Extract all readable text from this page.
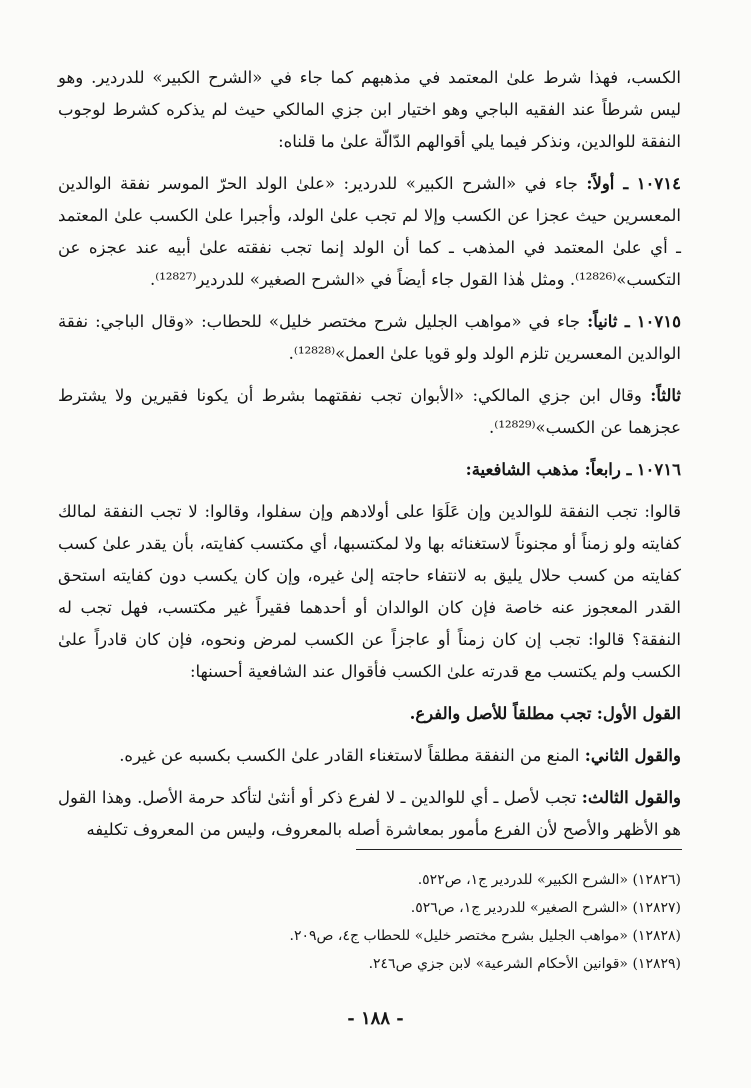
الكسب، فهذا شرط علىٰ المعتمد في مذهبهم كما جاء في «الشرح الكبير» للدردير. وهو ليس شرطاً عند الفقيه الباجي وهو اختيار ابن جزي المالكي حيث لم يذكره كشرط لوجوب النفقة للوالدين، ونذكر فيما يلي أقوالهم الدّالّة علىٰ ما قلناه:

١٠٧١٤ ـ أولاً: جاء في «الشرح الكبير» للدردير: «علىٰ الولد الحرّ الموسر نفقة الوالدين المعسرين حيث عجزا عن الكسب وإلا لم تجب علىٰ الولد، وأجبرا علىٰ الكسب علىٰ المعتمد ـ أي علىٰ المعتمد في المذهب ـ كما أن الولد إنما تجب نفقته علىٰ أبيه عند عجزه عن التكسب»⁽¹²⁸²⁶⁾. ومثل هٰذا القول جاء أيضاً في «الشرح الصغير» للدردير⁽¹²⁸²⁷⁾.

١٠٧١٥ ـ ثانياً: جاء في «مواهب الجليل شرح مختصر خليل» للحطاب: «وقال الباجي: نفقة الوالدين المعسرين تلزم الولد ولو قويا علىٰ العمل»⁽¹²⁸²⁸⁾.

ثالثاً: وقال ابن جزي المالكي: «الأبوان تجب نفقتهما بشرط أن يكونا فقيرين ولا يشترط عجزهما عن الكسب»⁽¹²⁸²⁹⁾.

١٠٧١٦ ـ رابعاً: مذهب الشافعية:

قالوا: تجب النفقة للوالدين وإن عَلَوَا على أولادهم وإن سفلوا، وقالوا: لا تجب النفقة لمالك كفايته ولو زمناً أو مجنوناً لاستغنائه بها ولا لمكتسبها، أي مكتسب كفايته، بأن يقدر علىٰ كسب كفايته من كسب حلال يليق به لانتفاء حاجته إلىٰ غيره، وإن كان يكسب دون كفايته استحق القدر المعجوز عنه خاصة فإن كان الوالدان أو أحدهما فقيراً غير مكتسب، فهل تجب له النفقة؟ قالوا: تجب إن كان زمناً أو عاجزاً عن الكسب لمرض ونحوه، فإن كان قادراً علىٰ الكسب ولم يكتسب مع قدرته علىٰ الكسب فأقوال عند الشافعية أحسنها:

القول الأول: تجب مطلقاً للأصل والفرع.

والقول الثاني: المنع من النفقة مطلقاً لاستغناء القادر علىٰ الكسب بكسبه عن غيره.

والقول الثالث: تجب لأصل ـ أي للوالدين ـ لا لفرع ذكر أو أنثىٰ لتأكد حرمة الأصل. وهذا القول هو الأظهر والأصح لأن الفرع مأمور بمعاشرة أصله بالمعروف، وليس من المعروف تكليفه

(١٢٨٢٦) «الشرح الكبير» للدردير ج١، ص٥٢٢.
(١٢٨٢٧) «الشرح الصغير» للدردير ج١، ص٥٢٦.
(١٢٨٢٨) «مواهب الجليل بشرح مختصر خليل» للحطاب ج٤، ص٢٠٩.
(١٢٨٢٩) «قوانين الأحكام الشرعية» لابن جزي ص٢٤٦.
- ١٨٨ -
